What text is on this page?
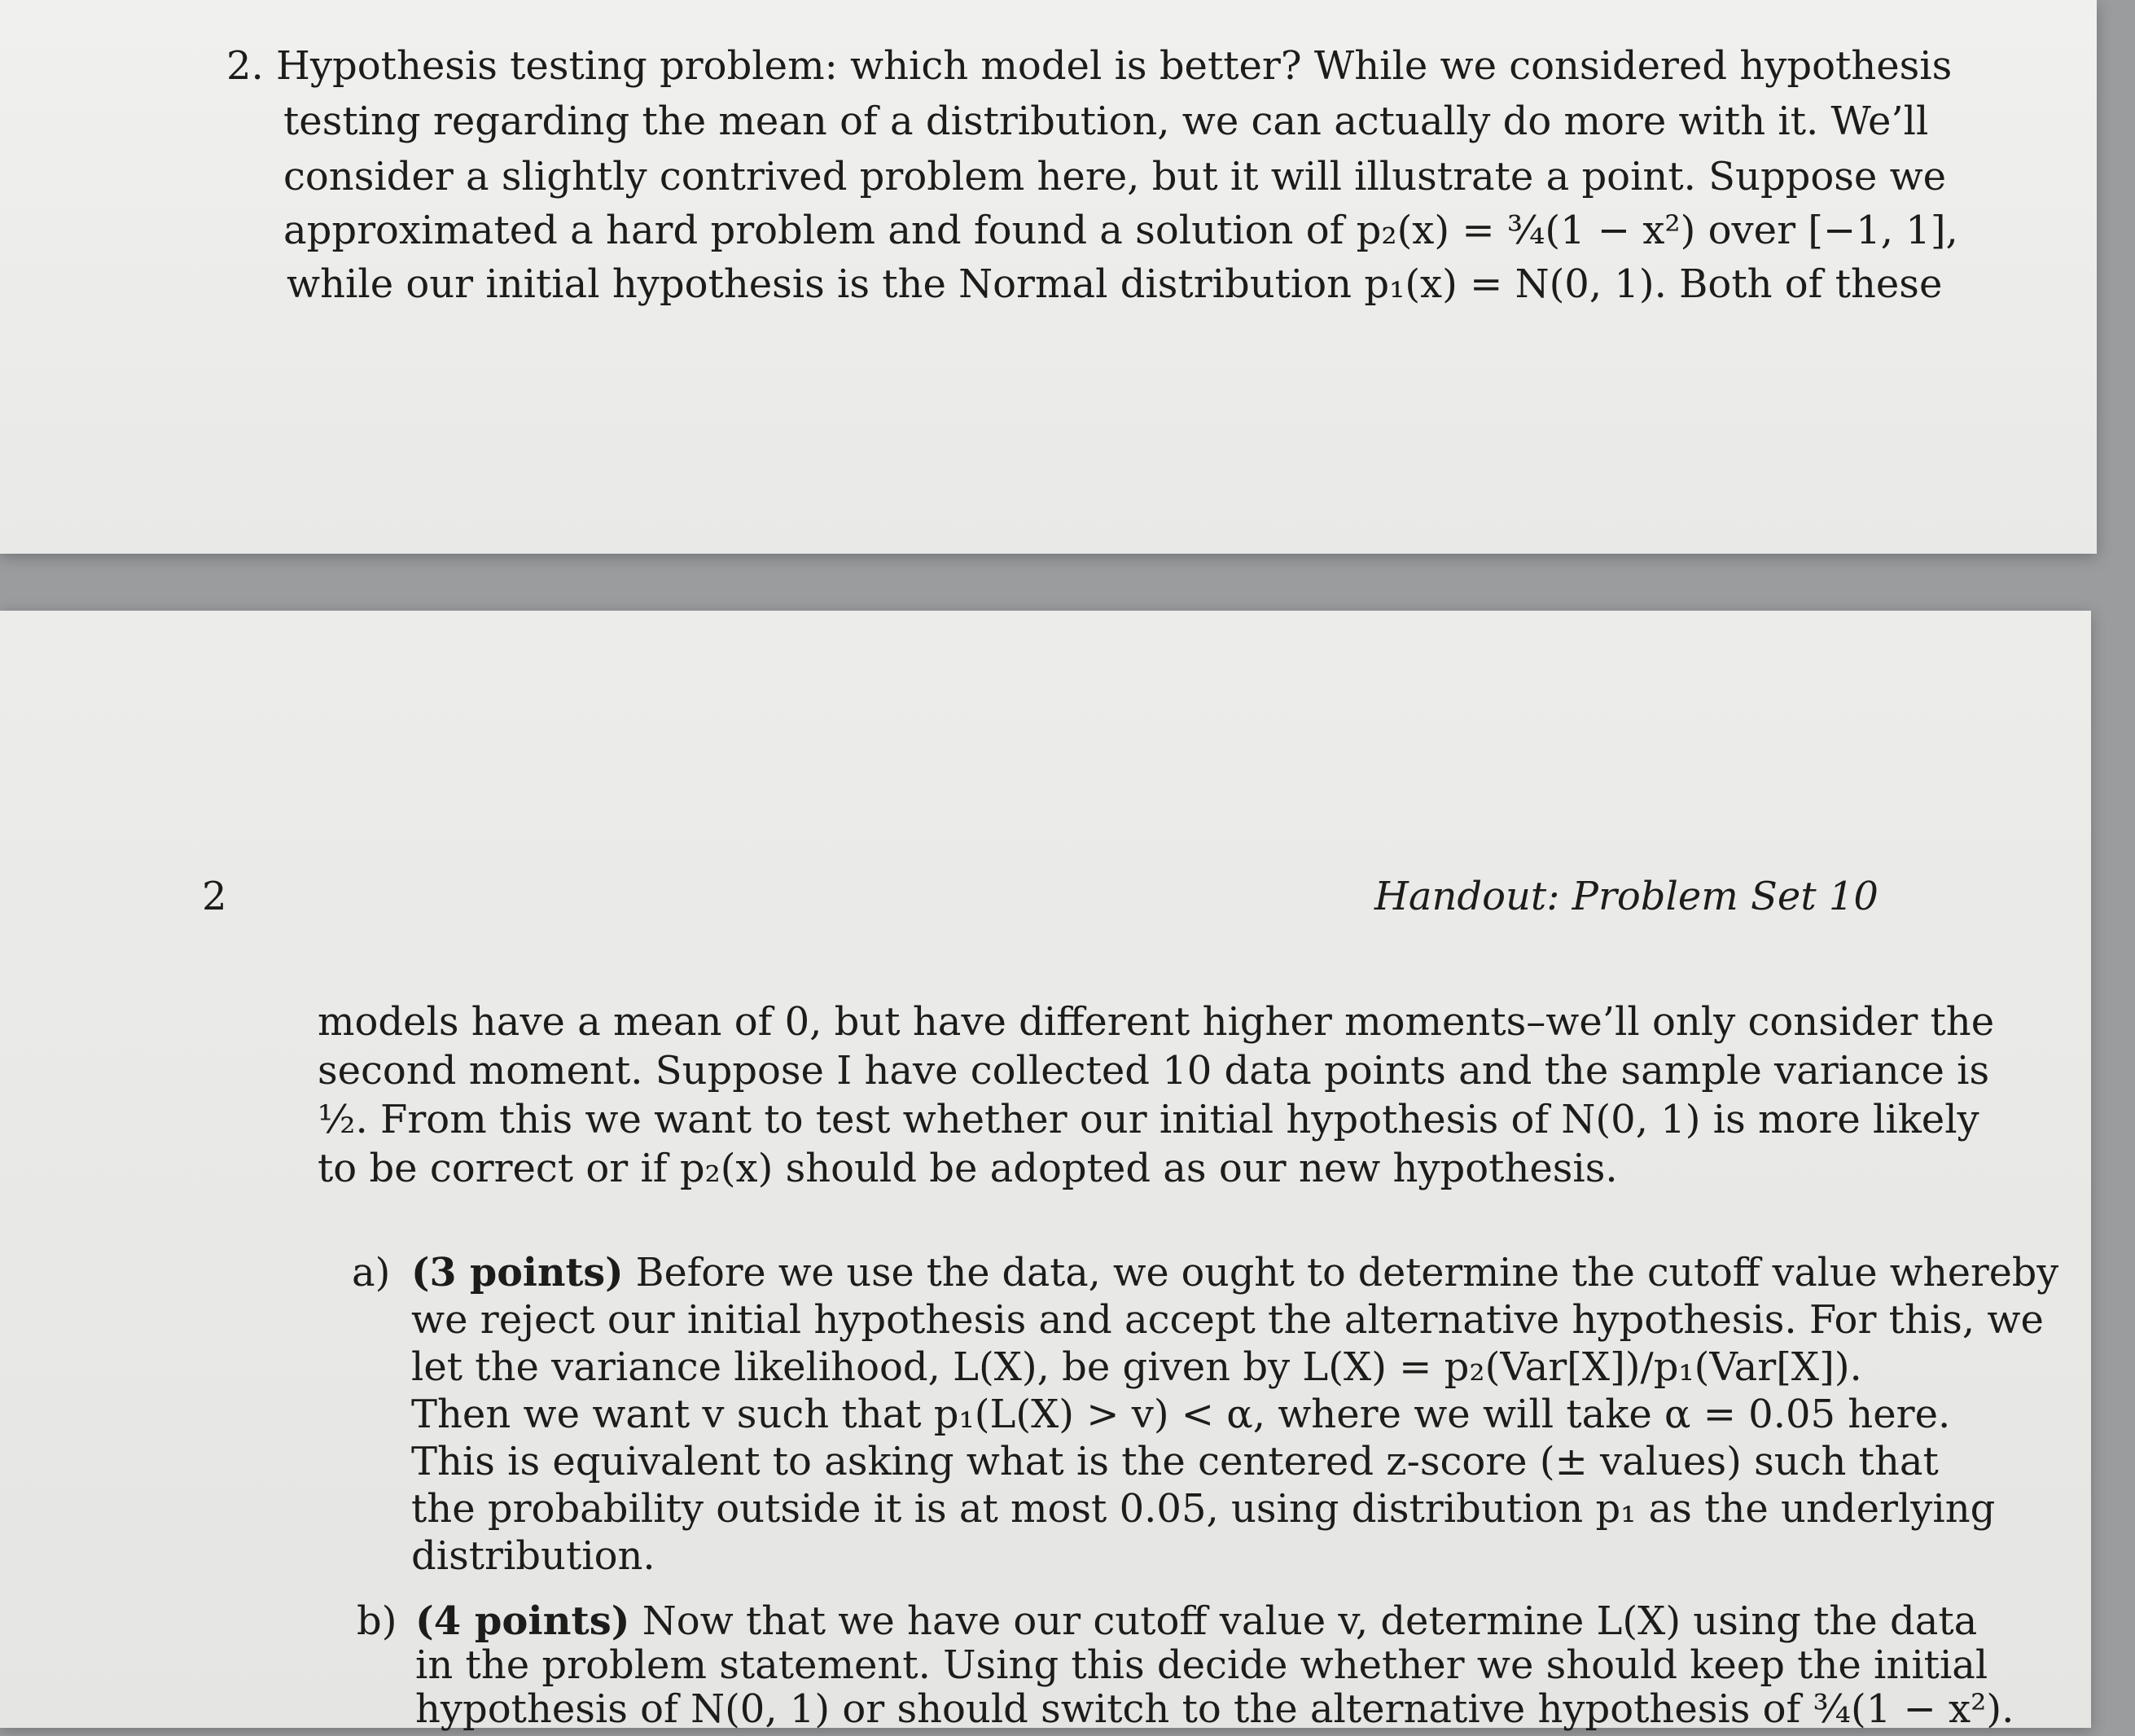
2. Hypothesis testing problem: which model is better? While we considered hypothesis
testing regarding the mean of a distribution, we can actually do more with it. We’ll
consider a slightly contrived problem here, but it will illustrate a point. Suppose we
approximated a hard problem and found a solution of p₂(x) = ¾(1 − x²) over [−1, 1],
while our initial hypothesis is the Normal distribution p₁(x) = N(0, 1). Both of these
2	Handout: Problem Set 10
models have a mean of 0, but have different higher moments–we’ll only consider the
second moment. Suppose I have collected 10 data points and the sample variance is
½. From this we want to test whether our initial hypothesis of N(0, 1) is more likely
to be correct or if p₂(x) should be adopted as our new hypothesis.
a) (3 points) Before we use the data, we ought to determine the cutoff value whereby
we reject our initial hypothesis and accept the alternative hypothesis. For this, we
let the variance likelihood, L(X), be given by L(X) = p₂(Var[X])/p₁(Var[X]).
Then we want v such that p₁(L(X) > v) < α, where we will take α = 0.05 here.
This is equivalent to asking what is the centered z-score (± values) such that
the probability outside it is at most 0.05, using distribution p₁ as the underlying
distribution.
b) (4 points) Now that we have our cutoff value v, determine L(X) using the data
in the problem statement. Using this decide whether we should keep the initial
hypothesis of N(0, 1) or should switch to the alternative hypothesis of ¾(1 − x²).
